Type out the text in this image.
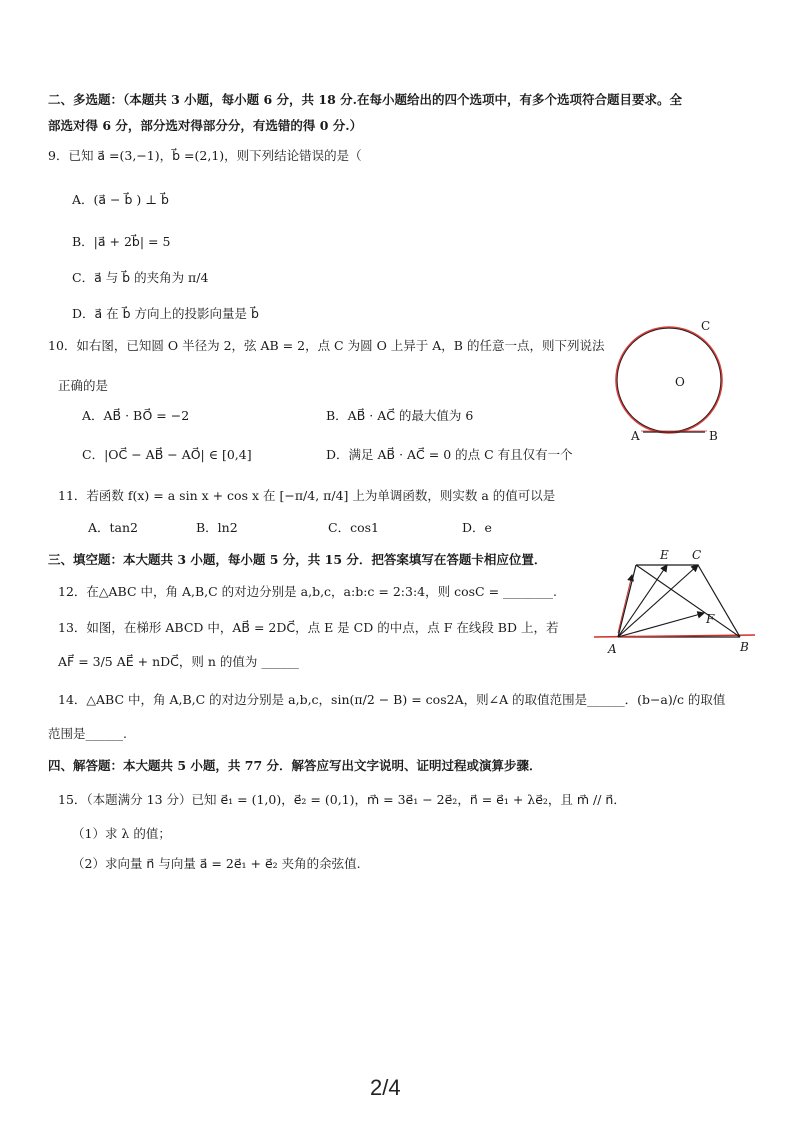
二、多选题：（本题共 3 小题，每小题 6 分，共 18 分.在每小题给出的四个选项中，有多个选项符合题目要求。全
部选对得 6 分，部分选对得部分分，有选错的得 0 分.）
9．已知 a⃗ =(3,−1)，b⃗ =(2,1)，则下列结论错误的是（
A．(a⃗ − b⃗ ) ⊥ b⃗
B．|a⃗ + 2b⃗| = 5
C．a⃗ 与 b⃗ 的夹角为 π/4
D．a⃗ 在 b⃗ 方向上的投影向量是 b⃗
10．如右图，已知圆 O 半径为 2，弦 AB = 2，点 C 为圆 O 上异于 A，B 的任意一点，则下列说法
正确的是
A．AB⃗ · BO⃗ = −2	B．AB⃗ · AC⃗ 的最大值为 6
C．|OC⃗ − AB⃗ − AO⃗| ∈ [0,4]	D．满足 AB⃗ · AC⃗ = 0 的点 C 有且仅有一个
O
A	B
C
11．若函数 f(x) = a sin x + cos x 在 [−π/4, π/4] 上为单调函数，则实数 a 的值可以是
A．tan2	B．ln2	C．cos1	D．e
三、填空题：本大题共 3 小题，每小题 5 分，共 15 分．把答案填写在答题卡相应位置．
12．在△ABC 中，角 A,B,C 的对边分别是 a,b,c，a:b:c = 2:3:4，则 cosC = ________.
13．如图，在梯形 ABCD 中，AB⃗ = 2DC⃗，点 E 是 CD 的中点，点 F 在线段 BD 上，若
AF⃗ = 3/5 AE⃗ + nDC⃗，则 n 的值为 ______
A	B
C
E
F
14．△ABC 中，角 A,B,C 的对边分别是 a,b,c，sin(π/2 − B) = cos2A，则∠A 的取值范围是______．(b−a)/c 的取值
范围是______.
四、解答题：本大题共 5 小题，共 77 分．解答应写出文字说明、证明过程或演算步骤．
15．（本题满分 13 分）已知 e⃗₁ = (1,0)，e⃗₂ = (0,1)，m⃗ = 3e⃗₁ − 2e⃗₂，n⃗ = e⃗₁ + λe⃗₂，且 m⃗ // n⃗．
（1）求 λ 的值；
（2）求向量 n⃗ 与向量 a⃗ = 2e⃗₁ + e⃗₂ 夹角的余弦值.
2/4
